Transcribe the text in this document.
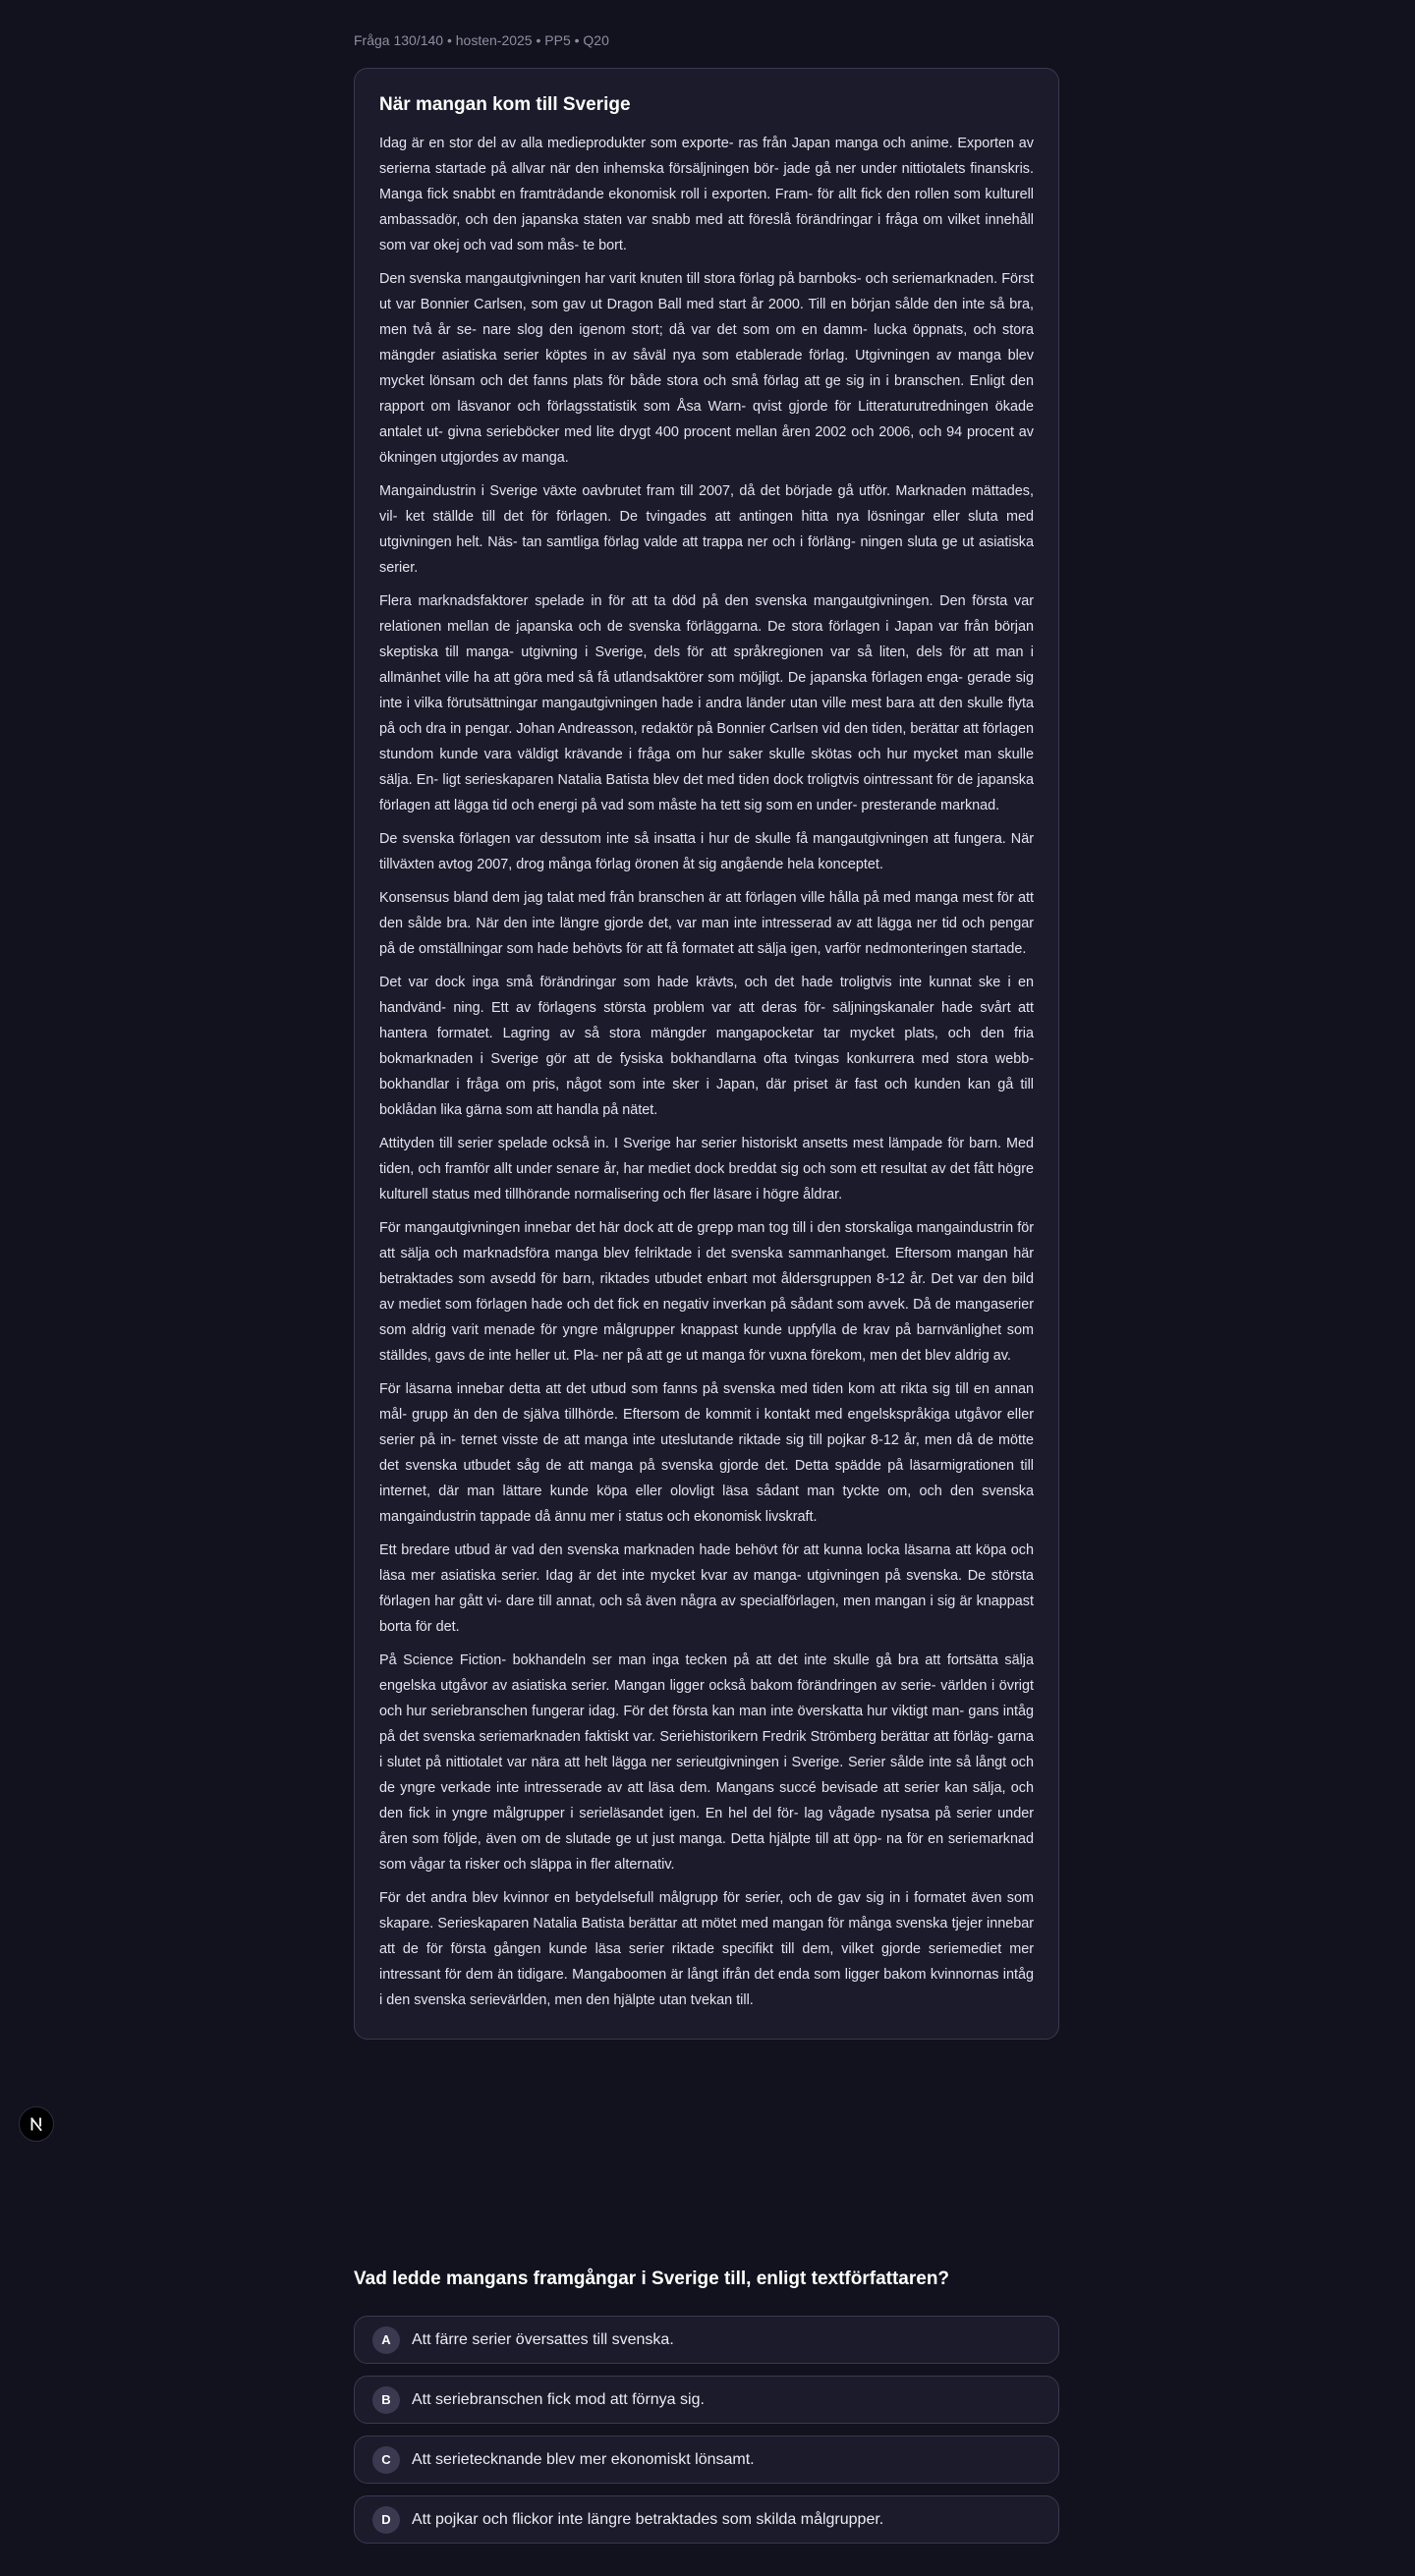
Fråga 130/140 • hosten-2025 • PP5 • Q20
När mangan kom till Sverige

Idag är en stor del av alla medieprodukter som exporte- ras från Japan manga och anime. Exporten av serierna startade på allvar när den inhemska försäljningen bör- jade gå ner under nittiotalets finanskris. Manga fick snabbt en framträdande ekonomisk roll i exporten. Fram- för allt fick den rollen som kulturell ambassadör, och den japanska staten var snabb med att föreslå förändringar i fråga om vilket innehåll som var okej och vad som mås- te bort.

Den svenska mangautgivningen har varit knuten till stora förlag på barnboks- och seriemarknaden. Först ut var Bonnier Carlsen, som gav ut Dragon Ball med start år 2000. Till en början sålde den inte så bra, men två år se- nare slog den igenom stort; då var det som om en damm- lucka öppnats, och stora mängder asiatiska serier köptes in av såväl nya som etablerade förlag. Utgivningen av manga blev mycket lönsam och det fanns plats för både stora och små förlag att ge sig in i branschen. Enligt den rapport om läsvanor och förlagsstatistik som Åsa Warn- qvist gjorde för Litteraturutredningen ökade antalet ut- givna serieböcker med lite drygt 400 procent mellan åren 2002 och 2006, och 94 procent av ökningen utgjordes av manga.

Mangaindustrin i Sverige växte oavbrutet fram till 2007, då det började gå utför. Marknaden mättades, vil- ket ställde till det för förlagen. De tvingades att antingen hitta nya lösningar eller sluta med utgivningen helt. Näs- tan samtliga förlag valde att trappa ner och i förläng- ningen sluta ge ut asiatiska serier.

Flera marknadsfaktorer spelade in för att ta död på den svenska mangautgivningen. Den första var relationen mellan de japanska och de svenska förläggarna. De stora förlagen i Japan var från början skeptiska till manga- utgivning i Sverige, dels för att språkregionen var så liten, dels för att man i allmänhet ville ha att göra med så få utlandsaktörer som möjligt. De japanska förlagen enga- gerade sig inte i vilka förutsättningar mangautgivningen hade i andra länder utan ville mest bara att den skulle flyta på och dra in pengar. Johan Andreasson, redaktör på Bonnier Carlsen vid den tiden, berättar att förlagen stundom kunde vara väldigt krävande i fråga om hur saker skulle skötas och hur mycket man skulle sälja. En- ligt serieskaparen Natalia Batista blev det med tiden dock troligtvis ointressant för de japanska förlagen att lägga tid och energi på vad som måste ha tett sig som en under- presterande marknad.

De svenska förlagen var dessutom inte så insatta i hur de skulle få mangautgivningen att fungera. När tillväxten avtog 2007, drog många förlag öronen åt sig angående hela konceptet.

Konsensus bland dem jag talat med från branschen är att förlagen ville hålla på med manga mest för att den sålde bra. När den inte längre gjorde det, var man inte intresserad av att lägga ner tid och pengar på de omställningar som hade behövts för att få formatet att sälja igen, varför nedmonteringen startade.

Det var dock inga små förändringar som hade krävts, och det hade troligtvis inte kunnat ske i en handvänd- ning. Ett av förlagens största problem var att deras för- säljningskanaler hade svårt att hantera formatet. Lagring av så stora mängder mangapocketar tar mycket plats, och den fria bokmarknaden i Sverige gör att de fysiska bokhandlarna ofta tvingas konkurrera med stora webb- bokhandlar i fråga om pris, något som inte sker i Japan, där priset är fast och kunden kan gå till boklådan lika gärna som att handla på nätet.

Attityden till serier spelade också in. I Sverige har serier historiskt ansetts mest lämpade för barn. Med tiden, och framför allt under senare år, har mediet dock breddat sig och som ett resultat av det fått högre kulturell status med tillhörande normalisering och fler läsare i högre åldrar.

För mangautgivningen innebar det här dock att de grepp man tog till i den storskaliga mangaindustrin för att sälja och marknadsföra manga blev felriktade i det svenska sammanhanget. Eftersom mangan här betraktades som avsedd för barn, riktades utbudet enbart mot åldersgruppen 8-12 år. Det var den bild av mediet som förlagen hade och det fick en negativ inverkan på sådant som avvek. Då de mangaserier som aldrig varit menade för yngre målgrupper knappast kunde uppfylla de krav på barnvänlighet som ställdes, gavs de inte heller ut. Pla- ner på att ge ut manga för vuxna förekom, men det blev aldrig av.

För läsarna innebar detta att det utbud som fanns på svenska med tiden kom att rikta sig till en annan mål- grupp än den de själva tillhörde. Eftersom de kommit i kontakt med engelskspråkiga utgåvor eller serier på in- ternet visste de att manga inte uteslutande riktade sig till pojkar 8-12 år, men då de mötte det svenska utbudet såg de att manga på svenska gjorde det. Detta spädde på läsarmigrationen till internet, där man lättare kunde köpa eller olovligt läsa sådant man tyckte om, och den svenska mangaindustrin tappade då ännu mer i status och ekonomisk livskraft.

Ett bredare utbud är vad den svenska marknaden hade behövt för att kunna locka läsarna att köpa och läsa mer asiatiska serier. Idag är det inte mycket kvar av manga- utgivningen på svenska. De största förlagen har gått vi- dare till annat, och så även några av specialförlagen, men mangan i sig är knappast borta för det.

På Science Fiction- bokhandeln ser man inga tecken på att det inte skulle gå bra att fortsätta sälja engelska utgåvor av asiatiska serier. Mangan ligger också bakom förändringen av serie- världen i övrigt och hur seriebranschen fungerar idag. För det första kan man inte överskatta hur viktigt man- gans intåg på det svenska seriemarknaden faktiskt var. Seriehistorikern Fredrik Strömberg berättar att förläg- garna i slutet på nittiotalet var nära att helt lägga ner serieutgivningen i Sverige. Serier sålde inte så långt och de yngre verkade inte intresserade av att läsa dem. Mangans succé bevisade att serier kan sälja, och den fick in yngre målgrupper i serieläsandet igen. En hel del för- lag vågade nysatsa på serier under åren som följde, även om de slutade ge ut just manga. Detta hjälpte till att öpp- na för en seriemarknad som vågar ta risker och släppa in fler alternativ.

För det andra blev kvinnor en betydelsefull målgrupp för serier, och de gav sig in i formatet även som skapare. Serieskaparen Natalia Batista berättar att mötet med mangan för många svenska tjejer innebar att de för första gången kunde läsa serier riktade specifikt till dem, vilket gjorde seriemediet mer intressant för dem än tidigare. Mangaboomen är långt ifrån det enda som ligger bakom kvinnornas intåg i den svenska serievärlden, men den hjälpte utan tvekan till.

Vad ledde mangans framgångar i Sverige till, enligt textförfattaren?
A	Att färre serier översattes till svenska.
B	Att seriebranschen fick mod att förnya sig.
C	Att serietecknande blev mer ekonomiskt lönsamt.
D	Att pojkar och flickor inte längre betraktades som skilda målgrupper.
